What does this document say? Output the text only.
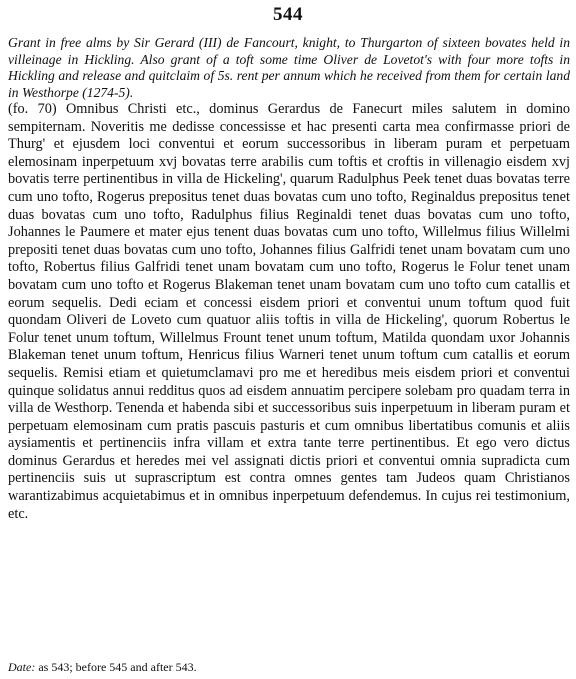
544
Grant in free alms by Sir Gerard (III) de Fancourt, knight, to Thurgarton of sixteen bovates held in villeinage in Hickling. Also grant of a toft some time Oliver de Lovetot's with four more tofts in Hickling and release and quitclaim of 5s. rent per annum which he received from them for certain land in Westhorpe (1274-5).
(fo. 70) Omnibus Christi etc., dominus Gerardus de Fanecurt miles salutem in domino sempiternam. Noveritis me dedisse concessisse et hac presenti carta mea confirmasse priori de Thurg' et ejusdem loci conventui et eorum successoribus in liberam puram et perpetuam elemosinam inperpetuum xvj bovatas terre arabilis cum toftis et croftis in villenagio eisdem xvj bovatis terre pertinentibus in villa de Hickeling', quarum Radulphus Peek tenet duas bovatas terre cum uno tofto, Rogerus prepositus tenet duas bovatas cum uno tofto, Reginaldus prepositus tenet duas bovatas cum uno tofto, Radulphus filius Reginaldi tenet duas bovatas cum uno tofto, Johannes le Paumere et mater ejus tenent duas bovatas cum uno tofto, Willelmus filius Willelmi prepositi tenet duas bovatas cum uno tofto, Johannes filius Galfridi tenet unam bovatam cum uno tofto, Robertus filius Galfridi tenet unam bovatam cum uno tofto, Rogerus le Folur tenet unam bovatam cum uno tofto et Rogerus Blakeman tenet unam bovatam cum uno tofto cum catallis et eorum sequelis. Dedi eciam et concessi eisdem priori et conventui unum toftum quod fuit quondam Oliveri de Loveto cum quatuor aliis toftis in villa de Hickeling', quorum Robertus le Folur tenet unum toftum, Willelmus Frount tenet unum toftum, Matilda quondam uxor Johannis Blakeman tenet unum toftum, Henricus filius Warneri tenet unum toftum cum catallis et eorum sequelis. Remisi etiam et quietumclamavi pro me et heredibus meis eisdem priori et conventui quinque solidatus annui redditus quos ad eisdem annuatim percipere solebam pro quadam terra in villa de Westhorp. Tenenda et habenda sibi et successoribus suis inperpetuum in liberam puram et perpetuam elemosinam cum pratis pascuis pasturis et cum omnibus libertatibus comunis et aliis aysiamentis et pertinenciis infra villam et extra tante terre pertinentibus. Et ego vero dictus dominus Gerardus et heredes mei vel assignati dictis priori et conventui omnia supradicta cum pertinenciis suis ut suprascriptum est contra omnes gentes tam Judeos quam Christianos warantizabimus acquietabimus et in omnibus inperpetuum defendemus. In cujus rei testimonium, etc.
Date: as 543; before 545 and after 543.
